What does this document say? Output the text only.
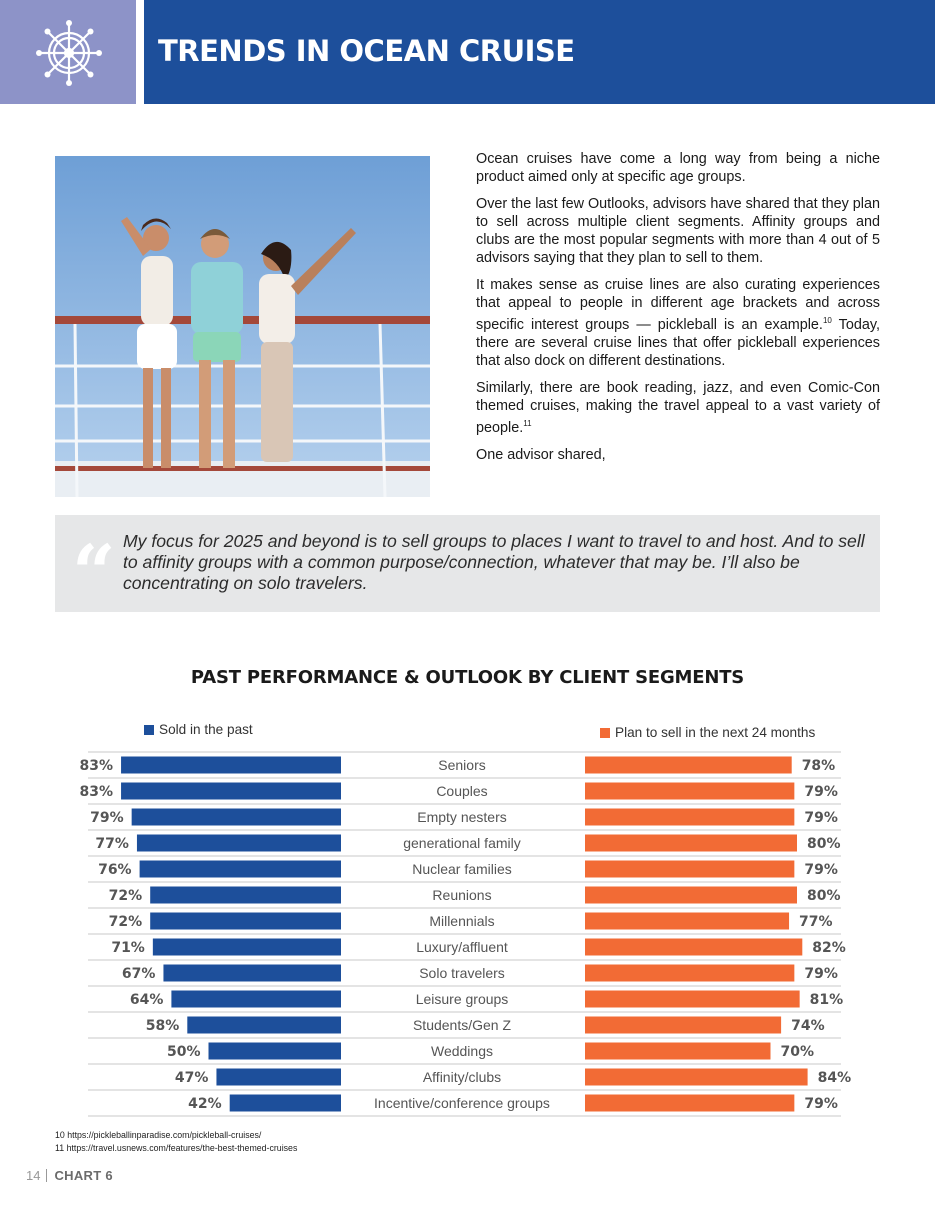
TRENDS IN OCEAN CRUISE

Ocean cruises have come a long way from being a niche product aimed only at specific age groups.

Over the last few Outlooks, advisors have shared that they plan to sell across multiple client segments. Affinity groups and clubs are the most popular segments with more than 4 out of 5 advisors saying that they plan to sell to them.

It makes sense as cruise lines are also curating experiences that appeal to people in different age brackets and across specific interest groups — pickleball is an example.$^{10}$ Today, there are several cruise lines that offer pickleball experiences that also dock on different destinations.

Similarly, there are book reading, jazz, and even Comic-Con themed cruises, making the travel appeal to a vast variety of people.$^{11}$

One advisor shared,

“ My focus for 2025 and beyond is to sell groups to places I want to travel to and host. And to sell to affinity groups with a common purpose/connection, whatever that may be. I’ll also be concentrating on solo travelers.
PAST PERFORMANCE & OUTLOOK BY CLIENT SEGMENTS
Sold in the past	Plan to sell in the next 24 months
Seniors
83%	78%
Couples
83%	79%
Empty nesters
79%	79%
generational family
77%	80%
Nuclear families
76%	79%
Reunions
72%	80%
Millennials
72%	77%
Luxury/affluent
71%	82%
Solo travelers
67%	79%
Leisure groups
64%	81%
Students/Gen Z
58%	74%
Weddings
50%	70%
Affinity/clubs
47%	84%
Incentive/conference groups
42%	79%
10 https://pickleballinparadise.com/pickleball-cruises/
11 https://travel.usnews.com/features/the-best-themed-cruises
14 CHART 6
